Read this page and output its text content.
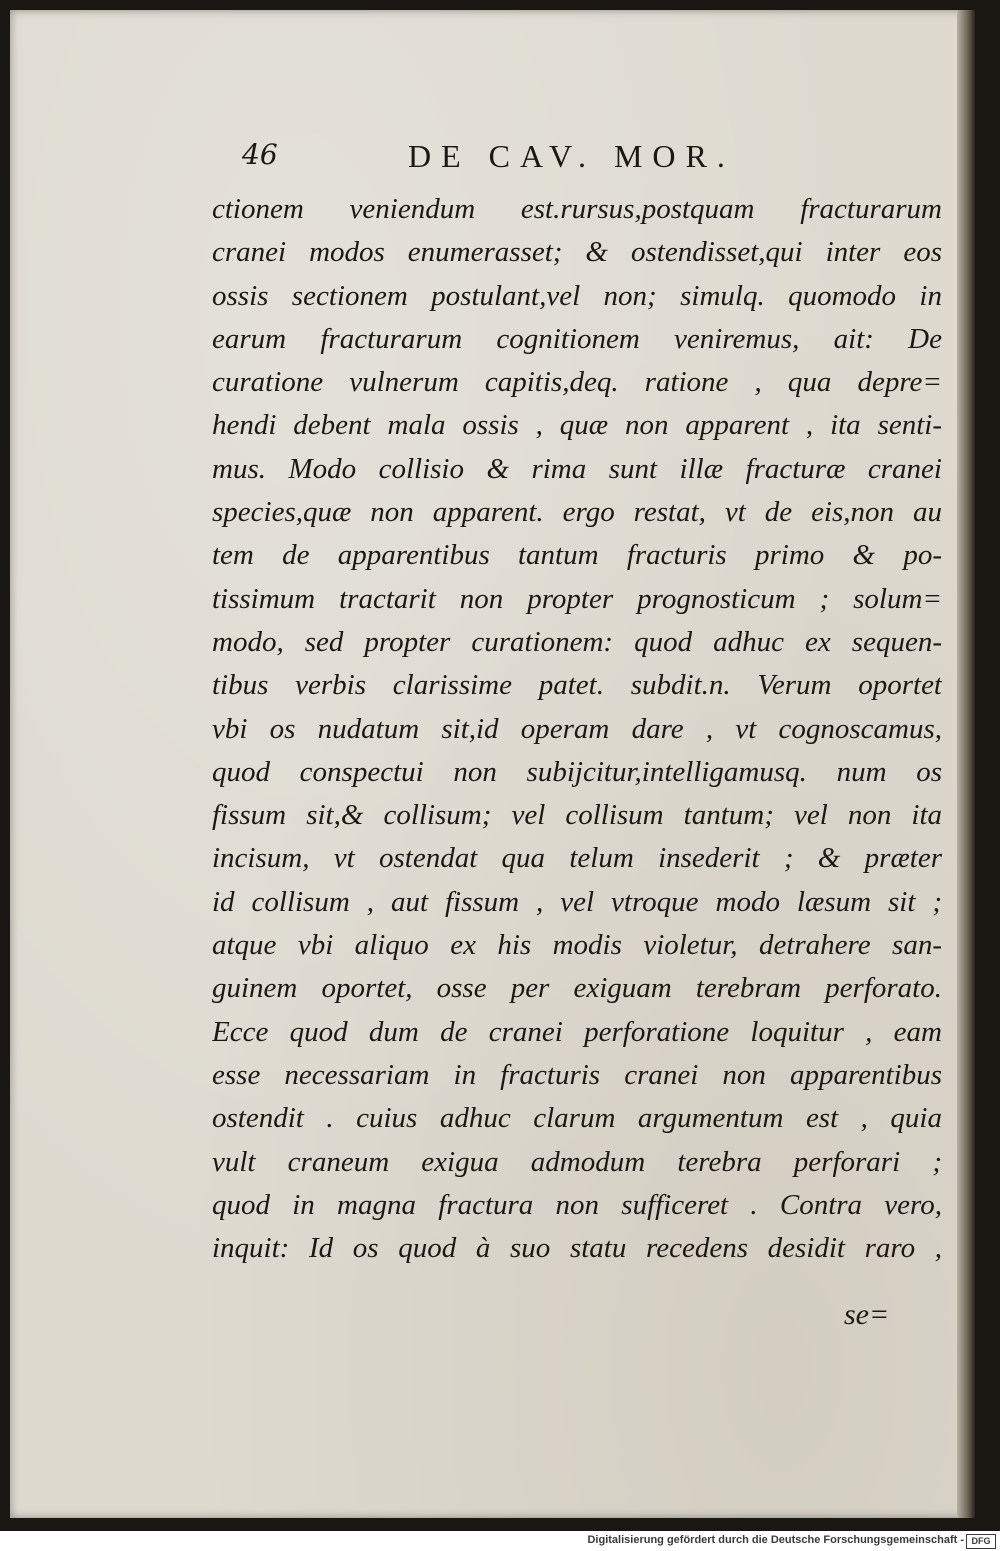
46	DE CAV. MOR.
ctionem veniendum est.rursus,postquam fracturarum
cranei modos enumerasset; & ostendisset,qui inter eos
ossis sectionem postulant,vel non; simulq. quomodo in
earum fracturarum cognitionem veniremus, ait: De
curatione vulnerum capitis,deq. ratione , qua depre=
hendi debent mala ossis , quæ non apparent , ita senti-
mus. Modo collisio & rima sunt illæ fracturæ cranei
species,quæ non apparent. ergo restat, vt de eis,non au
tem de apparentibus tantum fracturis primo & po-
tissimum tractarit non propter prognosticum ; solum=
modo, sed propter curationem: quod adhuc ex sequen-
tibus verbis clarissime patet. subdit.n. Verum oportet
vbi os nudatum sit,id operam dare , vt cognoscamus,
quod conspectui non subijcitur,intelligamusq. num os
fissum sit,& collisum; vel collisum tantum; vel non ita
incisum, vt ostendat qua telum insederit ; & præter
id collisum , aut fissum , vel vtroque modo læsum sit ;
atque vbi aliquo ex his modis violetur, detrahere san-
guinem oportet, osse per exiguam terebram perforato.
Ecce quod dum de cranei perforatione loquitur , eam
esse necessariam in fracturis cranei non apparentibus
ostendit . cuius adhuc clarum argumentum est , quia
vult craneum exigua admodum terebra perforari ;
quod in magna fractura non sufficeret . Contra vero,
inquit: Id os quod à suo statu recedens desidit raro ,
se=
Digitalisierung gefördert durch die Deutsche Forschungsgemeinschaft - DFG
